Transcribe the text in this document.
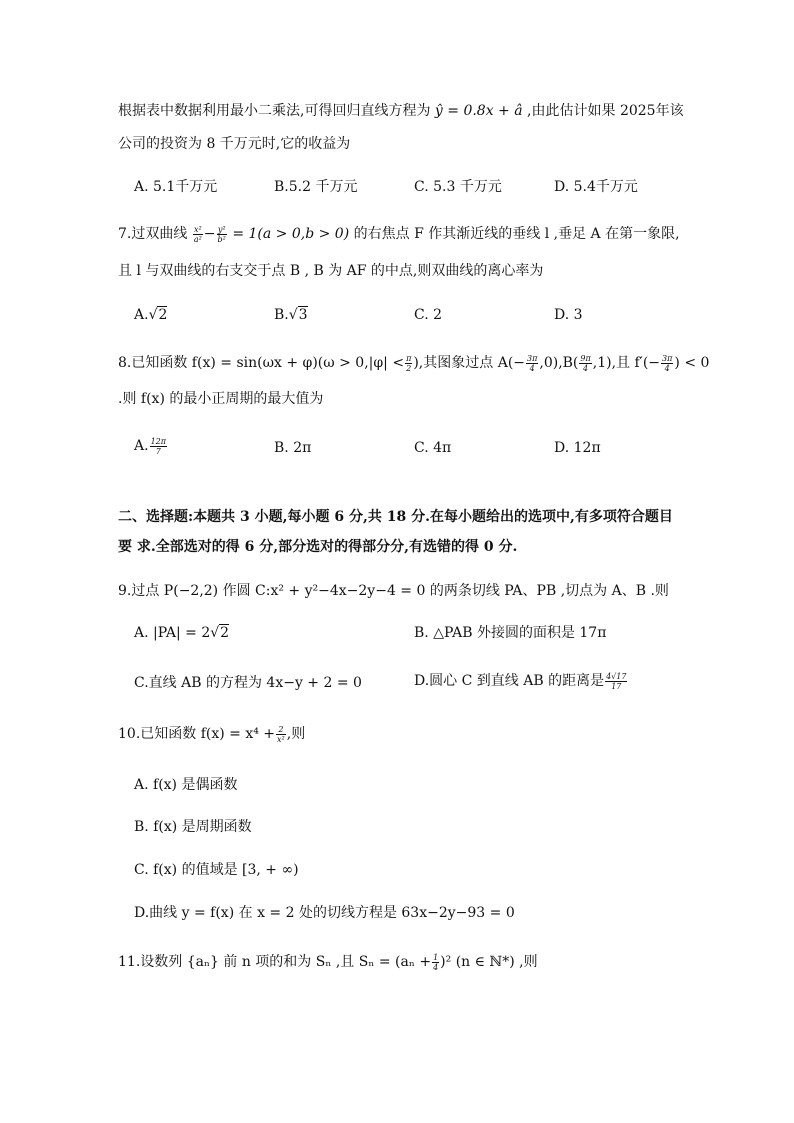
根据表中数据利用最小二乘法,可得回归直线方程为 ŷ = 0.8x + â ,由此估计如果 2025年该
公司的投资为 8 千万元时,它的收益为
A. 5.1千万元	B.5.2 千万元	C. 5.3 千万元	D. 5.4千万元
7.过双曲线 $\frac{\text{x²}}{\text{a²}} - \frac{\text{y²}}{\text{b²}} = 1(a > 0,b > 0)$ 的右焦点 F 作其渐近线的垂线 l ,垂足 A 在第一象限,
且 l 与双曲线的右支交于点 B , B 为 AF 的中点,则双曲线的离心率为
A.√2	B.√3	C. 2	D. 3
8.已知函数 $f(x) = \sin(\omega x + \varphi)(\omega > 0,|\varphi| < \frac{\pi}{2}$ ),其图象过点 $A(- \frac{3\pi}{4} ,0),B( \frac{9\pi}{4} ,1)$,且 $f'(- \frac{3\pi}{4}$ ) < 0
.则 f(x) 的最小正周期的最大值为
A. $\frac{12\pi}{7}$	B. 2π	C. 4π	D. 12π
二、选择题:本题共 3 小题,每小题 6 分,共 18 分.在每小题给出的选项中,有多项符合题目
要 求.全部选对的得 6 分,部分选对的得部分分,有选错的得 0 分.
9.过点 P(−2,2) 作圆 C:x² + y²−4x−2y−4 = 0 的两条切线 PA、PB ,切点为 A、B .则
A. |PA| = 2√2	B. △PAB 外接圆的面积是 17π
C.直线 AB 的方程为 4x−y + 2 = 0	D.圆心 C 到直线 AB 的距离是 $\frac{4√17}{17}$
10.已知函数 $f(x) = x^4 + \frac{2}{\text{x²}}$ ,则
A. f(x) 是偶函数
B. f(x) 是周期函数
C. f(x) 的值域是 [3, + ∞)
D.曲线 y = f(x) 在 x = 2 处的切线方程是 63x−2y−93 = 0
11.设数列 {aₙ} 前 n 项的和为 Sₙ ,且 $S_n = (a_n + \frac{1}{4} )^2$ (n ∈ ℕ*) ,则
